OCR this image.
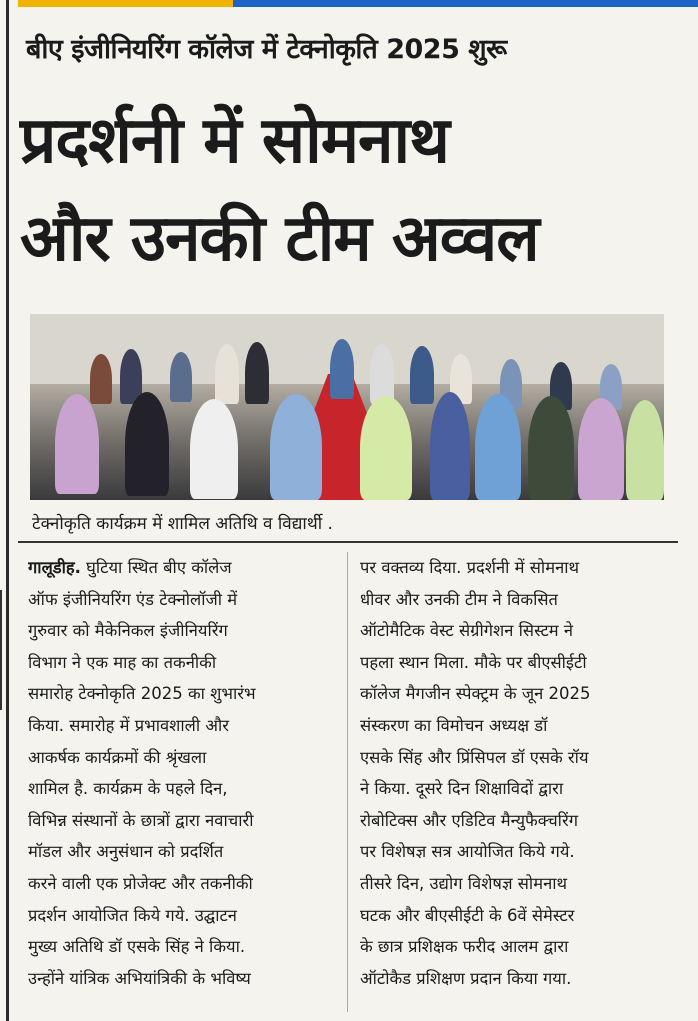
बीए इंजीनियरिंग कॉलेज में टेक्नोकृति 2025 शुरू
प्रदर्शनी में सोमनाथ
और उनकी टीम अव्वल
टेक्नोकृति कार्यक्रम में शामिल अतिथि व विद्यार्थी .
गालूडीह. घुटिया स्थित बीए कॉलेज
ऑफ इंजीनियरिंग एंड टेक्नोलॉजी में
गुरुवार को मैकेनिकल इंजीनियरिंग
विभाग ने एक माह का तकनीकी
समारोह टेक्नोकृति 2025 का शुभारंभ
किया. समारोह में प्रभावशाली और
आकर्षक कार्यक्रमों की श्रृंखला
शामिल है. कार्यक्रम के पहले दिन,
विभिन्न संस्थानों के छात्रों द्वारा नवाचारी
मॉडल और अनुसंधान को प्रदर्शित
करने वाली एक प्रोजेक्ट और तकनीकी
प्रदर्शन आयोजित किये गये. उद्घाटन
मुख्य अतिथि डॉ एसके सिंह ने किया.
उन्होंने यांत्रिक अभियांत्रिकी के भविष्य
पर वक्तव्य दिया. प्रदर्शनी में सोमनाथ
धीवर और उनकी टीम ने विकसित
ऑटोमैटिक वेस्ट सेग्रीगेशन सिस्टम ने
पहला स्थान मिला. मौके पर बीएसीईटी
कॉलेज मैगजीन स्पेक्ट्रम के जून 2025
संस्करण का विमोचन अध्यक्ष डॉ
एसके सिंह और प्रिंसिपल डॉ एसके रॉय
ने किया. दूसरे दिन शिक्षाविदों द्वारा
रोबोटिक्स और एडिटिव मैन्युफैक्चरिंग
पर विशेषज्ञ सत्र आयोजित किये गये.
तीसरे दिन, उद्योग विशेषज्ञ सोमनाथ
घटक और बीएसीईटी के 6वें सेमेस्टर
के छात्र प्रशिक्षक फरीद आलम द्वारा
ऑटोकैड प्रशिक्षण प्रदान किया गया.
